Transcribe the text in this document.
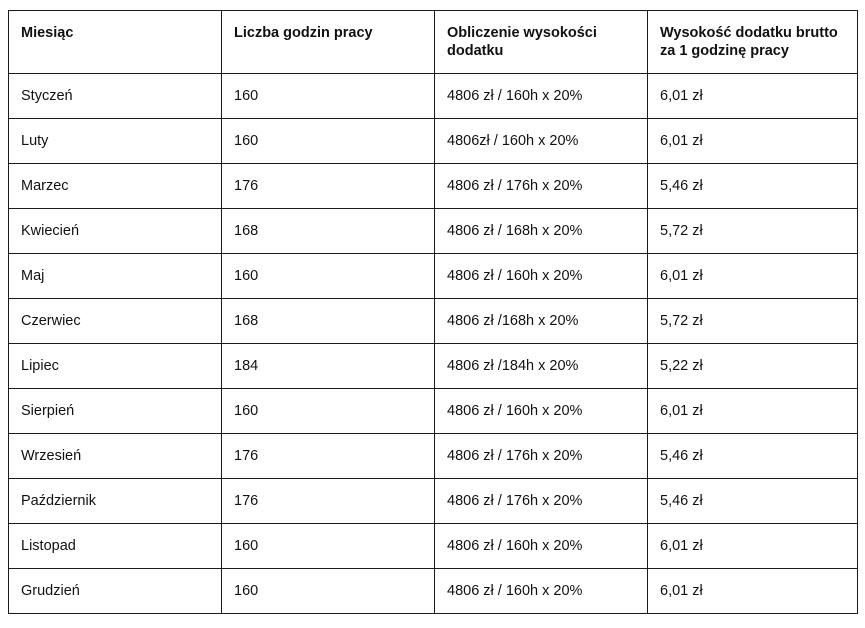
Miesiąc	Liczba godzin pracy	Obliczenie wysokości dodatku	Wysokość dodatku brutto za 1 godzinę pracy
Styczeń	160	4806 zł / 160h x 20%	6,01 zł
Luty	160	4806zł / 160h x 20%	6,01 zł
Marzec	176	4806 zł / 176h x 20%	5,46 zł
Kwiecień	168	4806 zł / 168h x 20%	5,72 zł
Maj	160	4806 zł / 160h x 20%	6,01 zł
Czerwiec	168	4806 zł /168h x 20%	5,72 zł
Lipiec	184	4806 zł /184h x 20%	5,22 zł
Sierpień	160	4806 zł / 160h x 20%	6,01 zł
Wrzesień	176	4806 zł / 176h x 20%	5,46 zł
Październik	176	4806 zł / 176h x 20%	5,46 zł
Listopad	160	4806 zł / 160h x 20%	6,01 zł
Grudzień	160	4806 zł / 160h x 20%	6,01 zł
